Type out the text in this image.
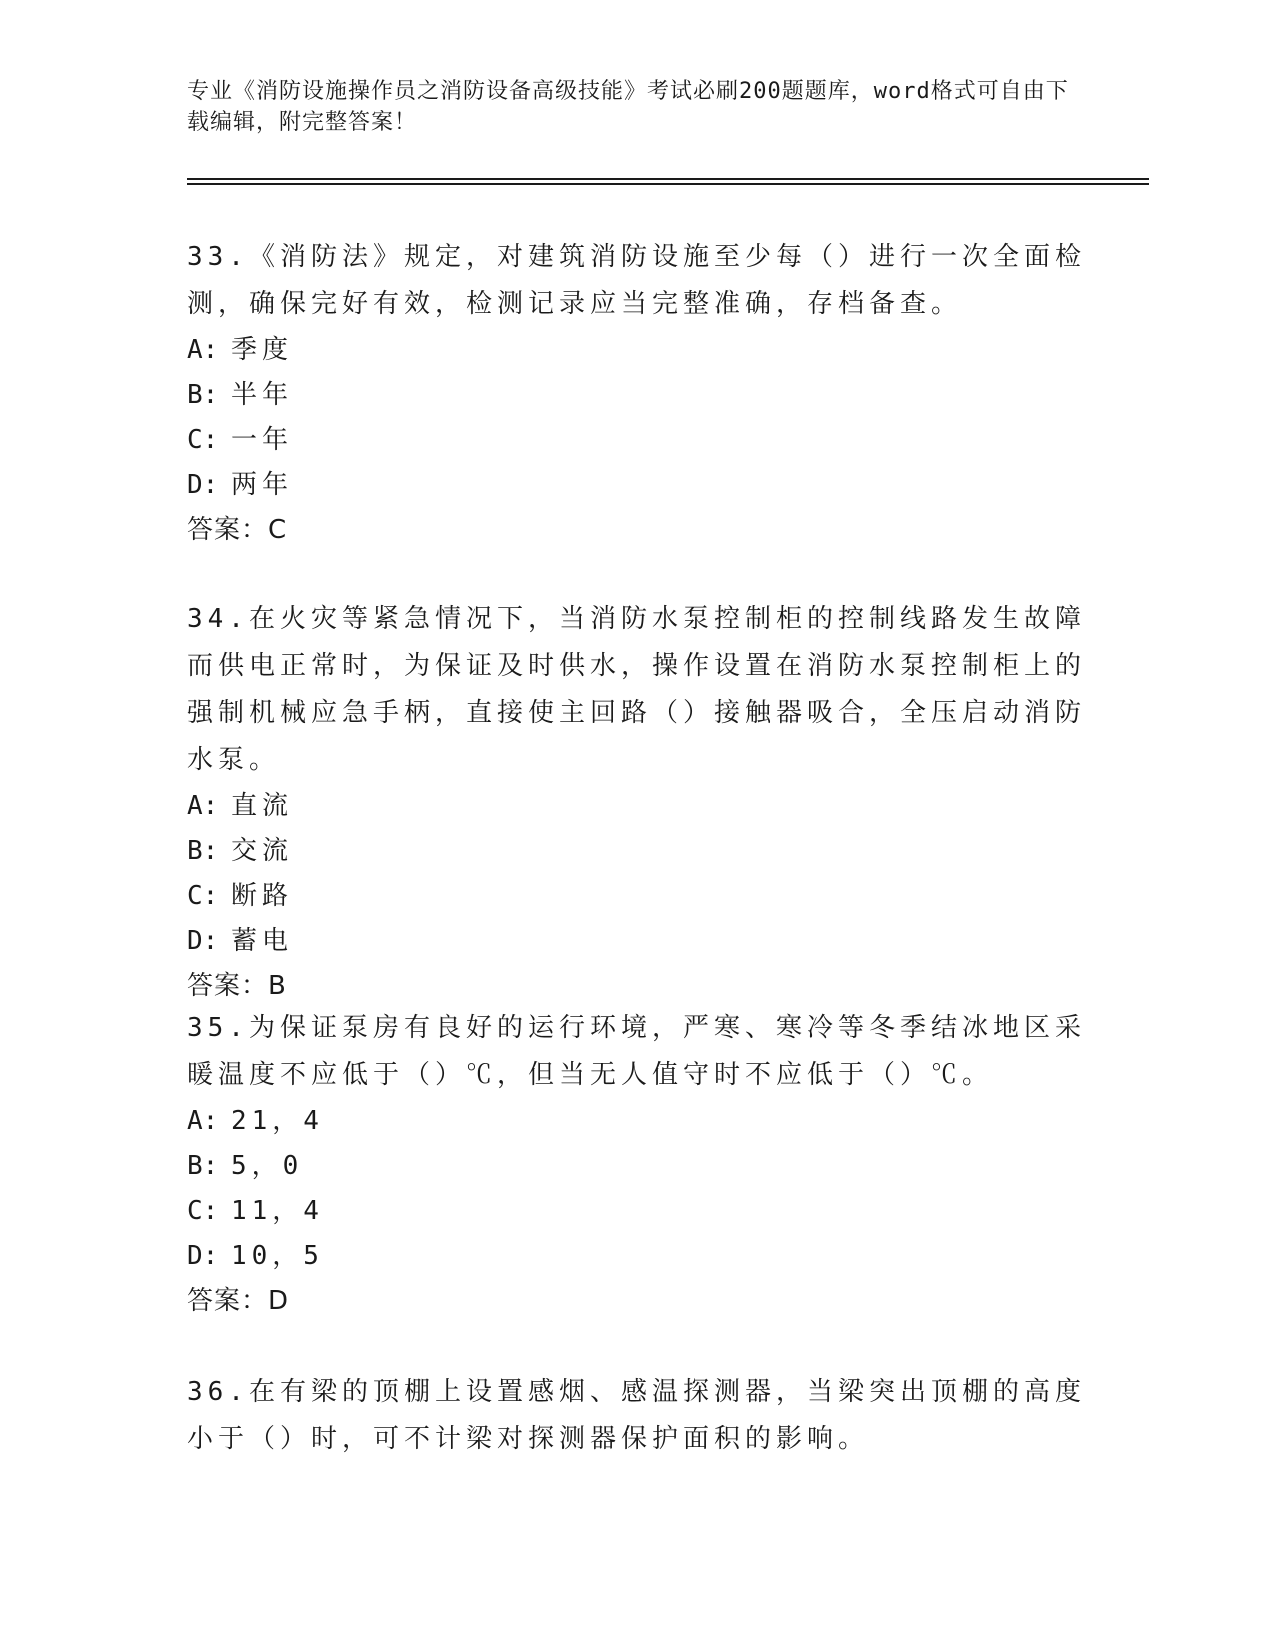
专业《消防设施操作员之消防设备高级技能》考试必刷200题题库，word格式可自由下载编辑，附完整答案！
33.《消防法》规定，对建筑消防设施至少每（）进行一次全面检测，确保完好有效，检测记录应当完整准确，存档备查。
A: 季度
B: 半年
C: 一年
D: 两年
答案：C
34.在火灾等紧急情况下，当消防水泵控制柜的控制线路发生故障而供电正常时，为保证及时供水，操作设置在消防水泵控制柜上的强制机械应急手柄，直接使主回路（）接触器吸合，全压启动消防水泵。
A: 直流
B: 交流
C: 断路
D: 蓄电
答案：B
35.为保证泵房有良好的运行环境，严寒、寒冷等冬季结冰地区采暖温度不应低于（）℃，但当无人值守时不应低于（）℃。
A: 21，4
B: 5，0
C: 11，4
D: 10，5
答案：D
36.在有梁的顶棚上设置感烟、感温探测器，当梁突出顶棚的高度小于（）时，可不计梁对探测器保护面积的影响。
